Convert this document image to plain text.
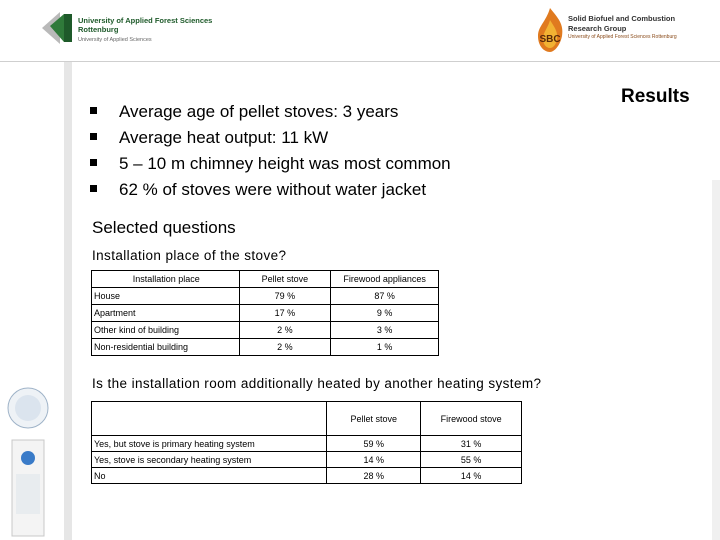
University of Applied Forest Sciences
Rottenburg
University of Applied Sciences	SBC
Solid Biofuel and Combustion
Research Group
University of Applied Forest Sciences Rottenburg
Results
Average age of pellet stoves: 3 years
Average heat output: 11 kW
5 – 10 m chimney height was most common
62 % of stoves were without water jacket
Selected questions
Installation place of the stove?
Installation place	Pellet stove	Firewood appliances
House	79 %	87 %
Apartment	17 %	9 %
Other kind of building	2 %	3 %
Non-residential building	2 %	1 %
Is the installation room additionally heated by another heating system?
	Pellet stove	Firewood stove
Yes, but stove is primary heating system	59 %	31 %
Yes, stove is secondary heating system	14 %	55 %
No	28 %	14 %
